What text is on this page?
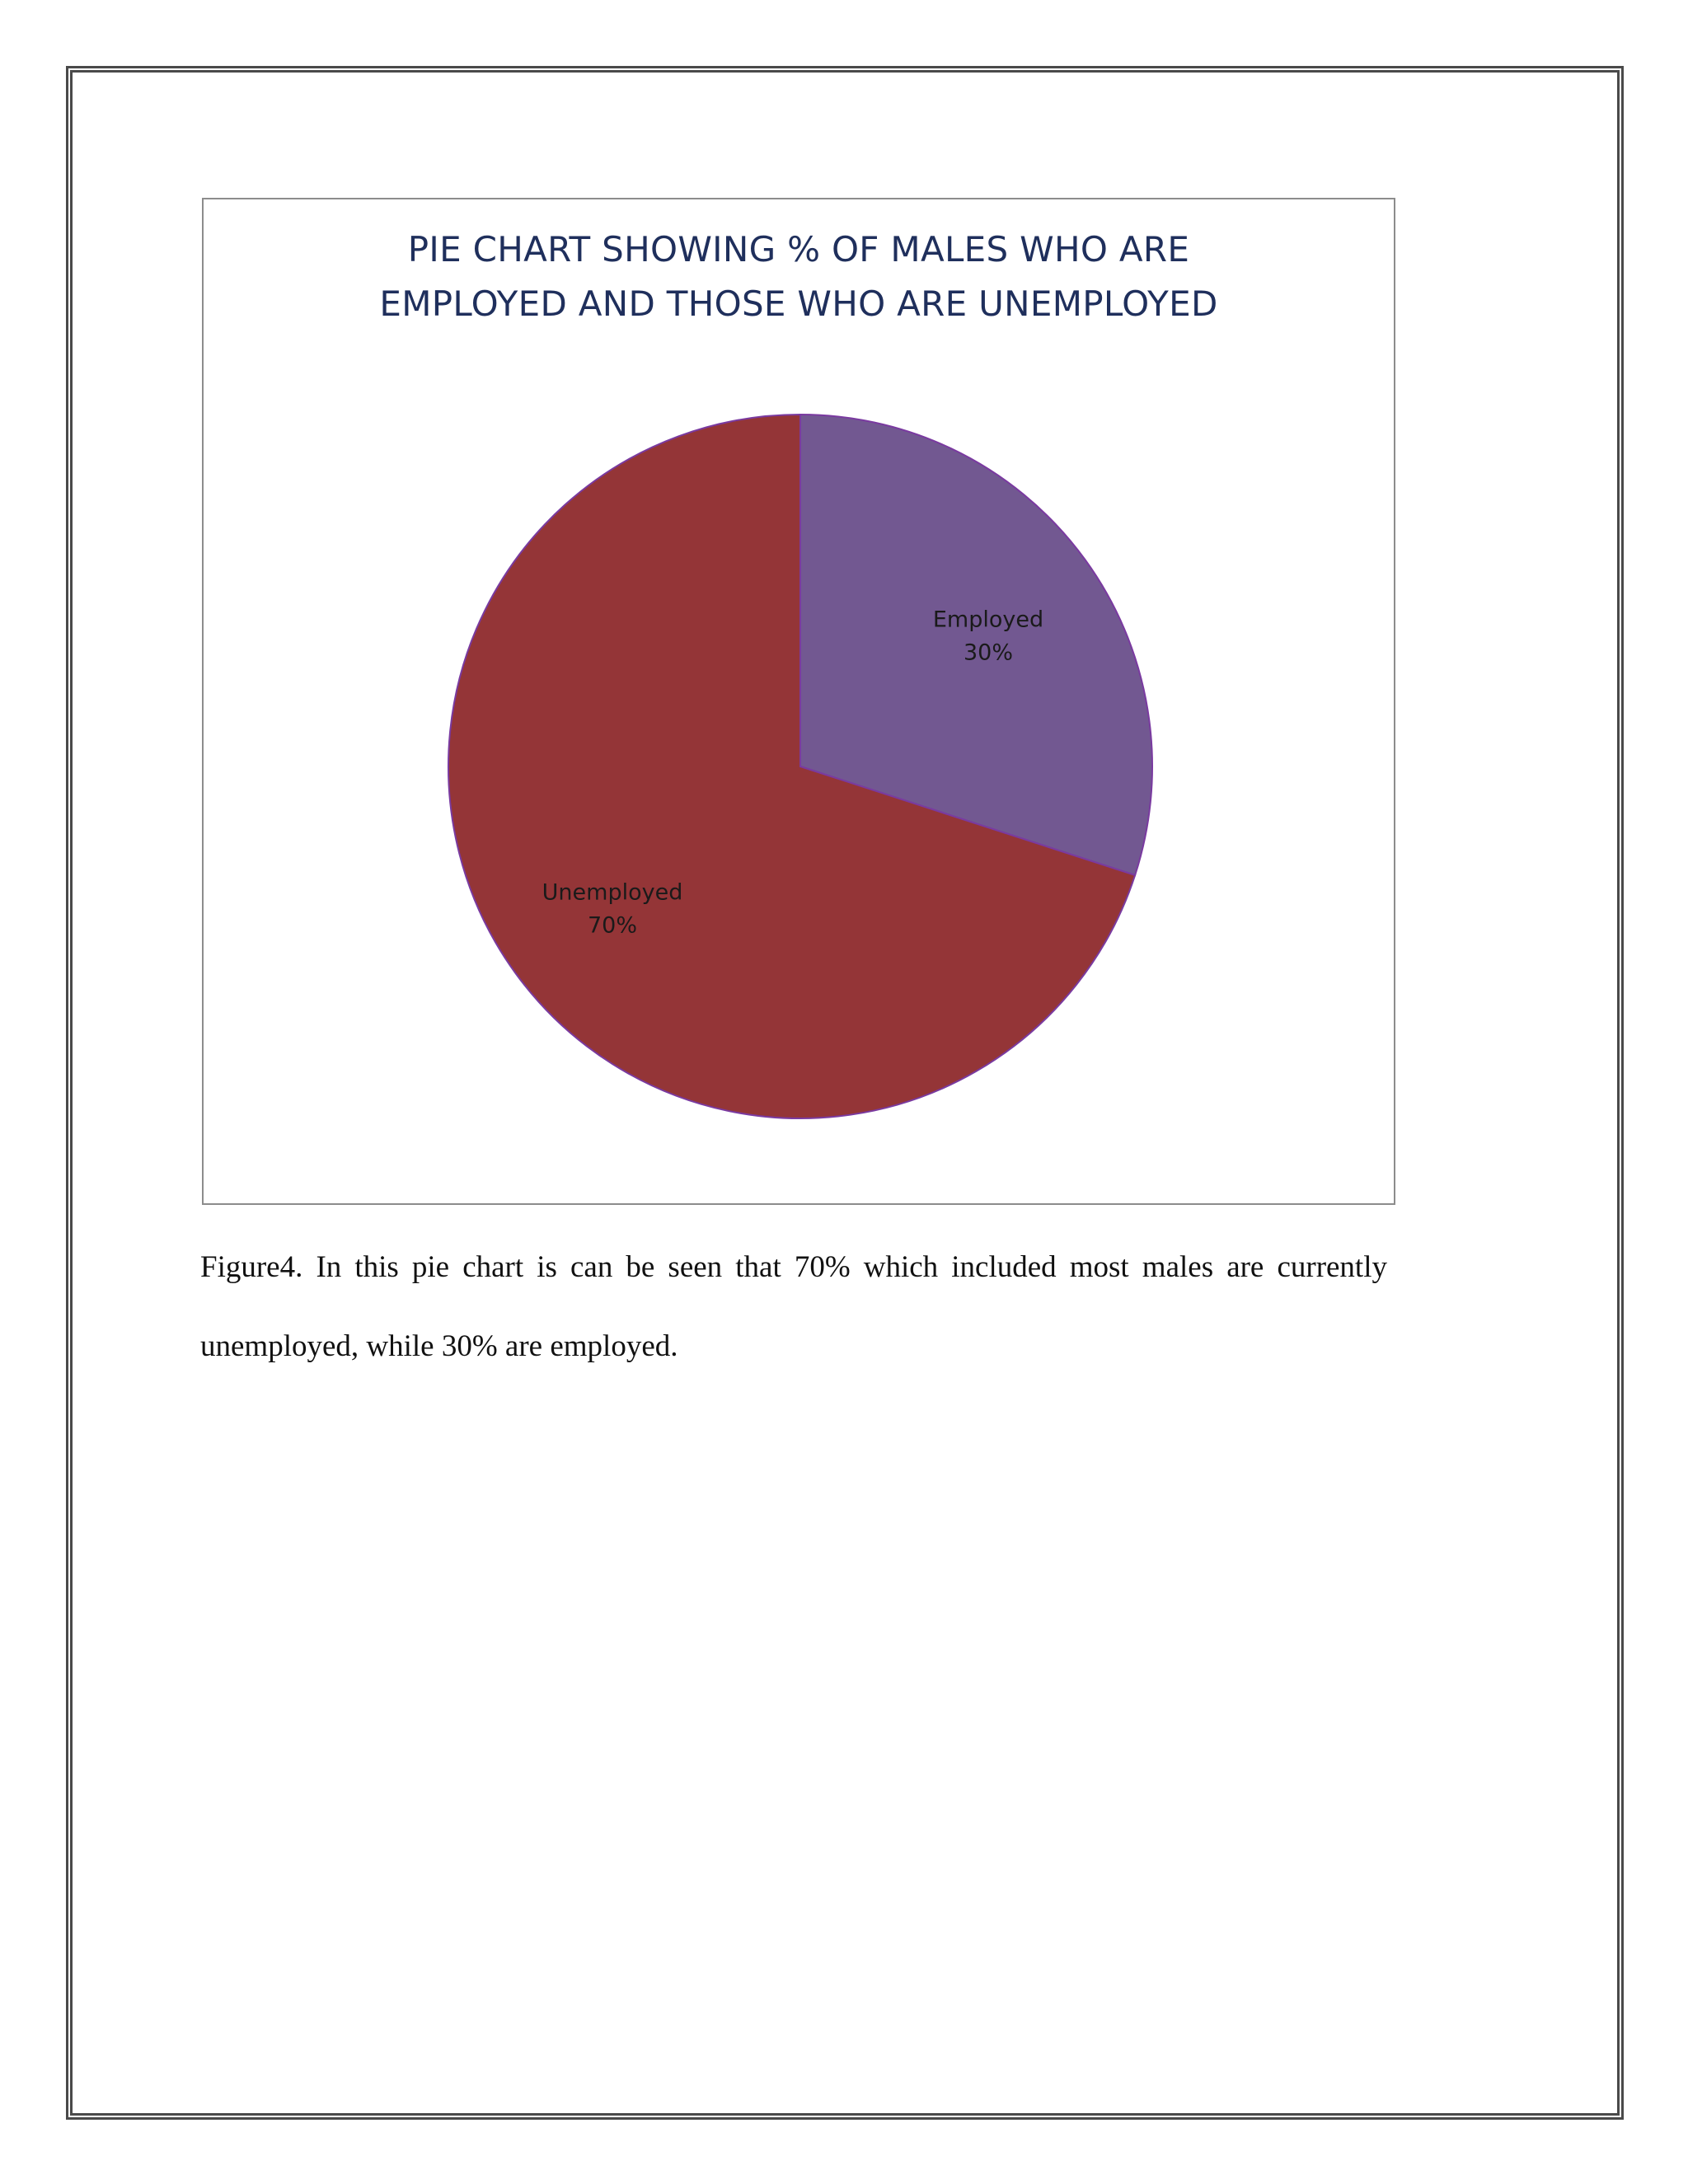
PIE CHART SHOWING % OF MALES WHO ARE
EMPLOYED AND THOSE WHO ARE UNEMPLOYED
Employed
30%
Unemployed
70%
Figure4. In this pie chart is can be seen that 70% which included most males are currently unemployed, while 30% are employed.
